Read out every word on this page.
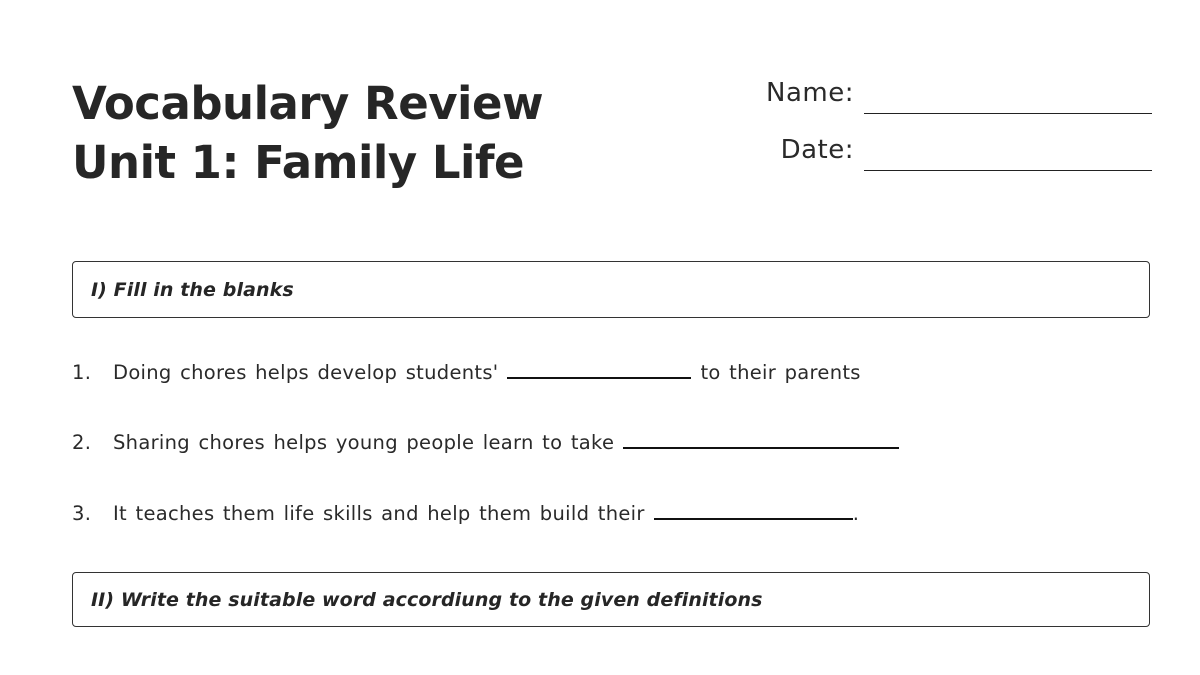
Vocabulary Review
Unit 1: Family Life
Name:
Date:
I) Fill in the blanks
1.	Doing chores helps develop students'	to their parents
2.	Sharing chores helps young people learn to take
3.	It teaches them life skills and help them build their	.
II) Write the suitable word accordiung to the given definitions
